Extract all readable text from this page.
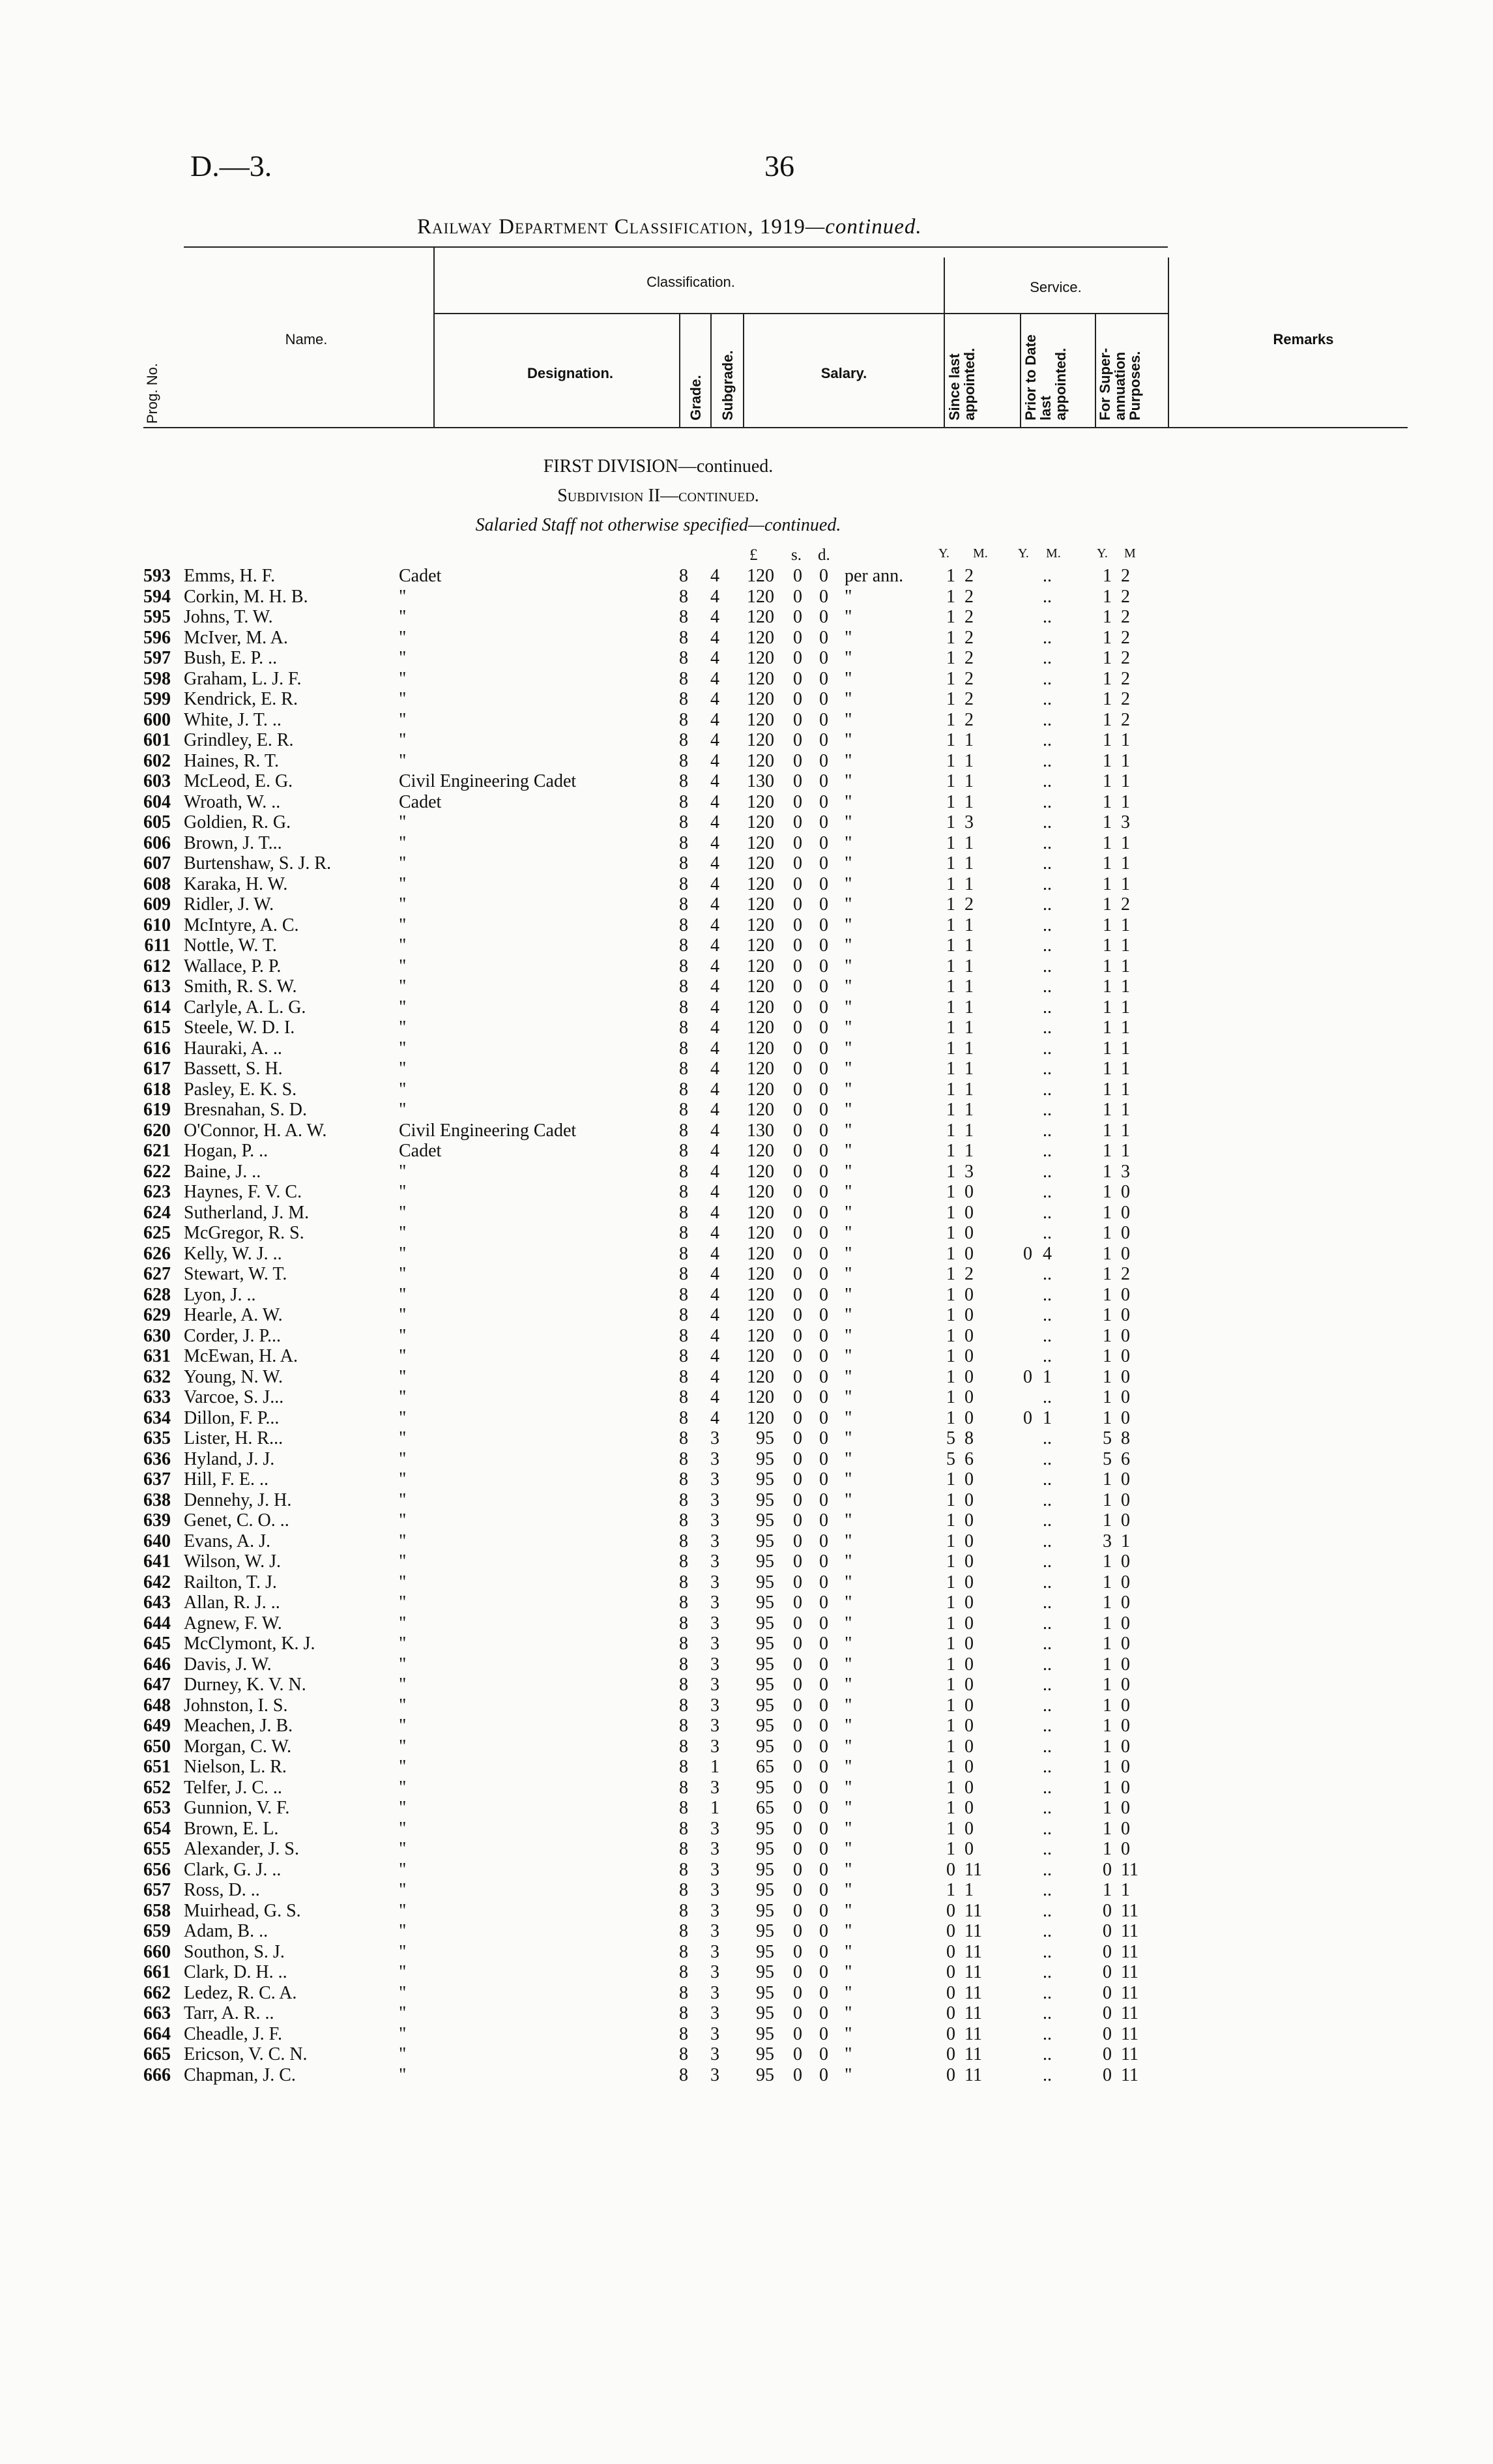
D.—3.	36
Railway Department Classification, 1919—continued.
Prog. No.
Name.
Classification.	Service.
Designation.
Grade. Subgrade.	Salary.	Since last appointed.	Prior to Date last appointed.	For Super-annuation Purposes.
Remarks
FIRST DIVISION—continued.
Subdivision II—continued.
Salaried Staff not otherwise specified—continued.
£ s. d.	Y. M. Y. M.	Y. M
593 Emms, H. F.	Cadet	8 4	120 0 0 per ann.	1 2	..	1 2
594 Corkin, M. H. B.	"	8 4	120 0 0 "	1 2	..	1 2
595 Johns, T. W.	"	8 4	120 0 0 "	1 2	..	1 2
596 McIver, M. A.	"	8 4	120 0 0 "	1 2	..	1 2
597 Bush, E. P. ..	"	8 4	120 0 0 "	1 2	..	1 2
598 Graham, L. J. F.	"	8 4	120 0 0 "	1 2	..	1 2
599 Kendrick, E. R.	"	8 4	120 0 0 "	1 2	..	1 2
600 White, J. T. ..	"	8 4	120 0 0 "	1 2	..	1 2
601 Grindley, E. R.	"	8 4	120 0 0 "	1 1	..	1 1
602 Haines, R. T.	"	8 4	120 0 0 "	1 1	..	1 1
603 McLeod, E. G.	Civil Engineering Cadet	8 4	130 0 0 "	1 1	..	1 1
604 Wroath, W. ..	Cadet	8 4	120 0 0 "	1 1	..	1 1
605 Goldien, R. G.	"	8 4	120 0 0 "	1 3	..	1 3
606 Brown, J. T...	"	8 4	120 0 0 "	1 1	..	1 1
607 Burtenshaw, S. J. R.	"	8 4	120 0 0 "	1 1	..	1 1
608 Karaka, H. W.	"	8 4	120 0 0 "	1 1	..	1 1
609 Ridler, J. W.	"	8 4	120 0 0 "	1 2	..	1 2
610 McIntyre, A. C.	"	8 4	120 0 0 "	1 1	..	1 1
611 Nottle, W. T.	"	8 4	120 0 0 "	1 1	..	1 1
612 Wallace, P. P.	"	8 4	120 0 0 "	1 1	..	1 1
613 Smith, R. S. W.	"	8 4	120 0 0 "	1 1	..	1 1
614 Carlyle, A. L. G.	"	8 4	120 0 0 "	1 1	..	1 1
615 Steele, W. D. I.	"	8 4	120 0 0 "	1 1	..	1 1
616 Hauraki, A. ..	"	8 4	120 0 0 "	1 1	..	1 1
617 Bassett, S. H.	"	8 4	120 0 0 "	1 1	..	1 1
618 Pasley, E. K. S.	"	8 4	120 0 0 "	1 1	..	1 1
619 Bresnahan, S. D.	"	8 4	120 0 0 "	1 1	..	1 1
620 O'Connor, H. A. W.	Civil Engineering Cadet	8 4	130 0 0 "	1 1	..	1 1
621 Hogan, P. ..	Cadet	8 4	120 0 0 "	1 1	..	1 1
622 Baine, J. ..	"	8 4	120 0 0 "	1 3	..	1 3
623 Haynes, F. V. C.	"	8 4	120 0 0 "	1 0	..	1 0
624 Sutherland, J. M.	"	8 4	120 0 0 "	1 0	..	1 0
625 McGregor, R. S.	"	8 4	120 0 0 "	1 0	..	1 0
626 Kelly, W. J. ..	"	8 4	120 0 0 "	1 0	0 4	1 0
627 Stewart, W. T.	"	8 4	120 0 0 "	1 2	..	1 2
628 Lyon, J. ..	"	8 4	120 0 0 "	1 0	..	1 0
629 Hearle, A. W.	"	8 4	120 0 0 "	1 0	..	1 0
630 Corder, J. P...	"	8 4	120 0 0 "	1 0	..	1 0
631 McEwan, H. A.	"	8 4	120 0 0 "	1 0	..	1 0
632 Young, N. W.	"	8 4	120 0 0 "	1 0	0 1	1 0
633 Varcoe, S. J...	"	8 4	120 0 0 "	1 0	..	1 0
634 Dillon, F. P...	"	8 4	120 0 0 "	1 0	0 1	1 0
635 Lister, H. R...	"	8 3	95 0 0 "	5 8	..	5 8
636 Hyland, J. J.	"	8 3	95 0 0 "	5 6	..	5 6
637 Hill, F. E. ..	"	8 3	95 0 0 "	1 0	..	1 0
638 Dennehy, J. H.	"	8 3	95 0 0 "	1 0	..	1 0
639 Genet, C. O. ..	"	8 3	95 0 0 "	1 0	..	1 0
640 Evans, A. J.	"	8 3	95 0 0 "	1 0	..	3 1
641 Wilson, W. J.	"	8 3	95 0 0 "	1 0	..	1 0
642 Railton, T. J.	"	8 3	95 0 0 "	1 0	..	1 0
643 Allan, R. J. ..	"	8 3	95 0 0 "	1 0	..	1 0
644 Agnew, F. W.	"	8 3	95 0 0 "	1 0	..	1 0
645 McClymont, K. J.	"	8 3	95 0 0 "	1 0	..	1 0
646 Davis, J. W.	"	8 3	95 0 0 "	1 0	..	1 0
647 Durney, K. V. N.	"	8 3	95 0 0 "	1 0	..	1 0
648 Johnston, I. S.	"	8 3	95 0 0 "	1 0	..	1 0
649 Meachen, J. B.	"	8 3	95 0 0 "	1 0	..	1 0
650 Morgan, C. W.	"	8 3	95 0 0 "	1 0	..	1 0
651 Nielson, L. R.	"	8 1	65 0 0 "	1 0	..	1 0
652 Telfer, J. C. ..	"	8 3	95 0 0 "	1 0	..	1 0
653 Gunnion, V. F.	"	8 1	65 0 0 "	1 0	..	1 0
654 Brown, E. L.	"	8 3	95 0 0 "	1 0	..	1 0
655 Alexander, J. S.	"	8 3	95 0 0 "	1 0	..	1 0
656 Clark, G. J. ..	"	8 3	95 0 0 "	0 11	..	0 11
657 Ross, D. ..	"	8 3	95 0 0 "	1 1	..	1 1
658 Muirhead, G. S.	"	8 3	95 0 0 "	0 11	..	0 11
659 Adam, B. ..	"	8 3	95 0 0 "	0 11	..	0 11
660 Southon, S. J.	"	8 3	95 0 0 "	0 11	..	0 11
661 Clark, D. H. ..	"	8 3	95 0 0 "	0 11	..	0 11
662 Ledez, R. C. A.	"	8 3	95 0 0 "	0 11	..	0 11
663 Tarr, A. R. ..	"	8 3	95 0 0 "	0 11	..	0 11
664 Cheadle, J. F.	"	8 3	95 0 0 "	0 11	..	0 11
665 Ericson, V. C. N.	"	8 3	95 0 0 "	0 11	..	0 11
666 Chapman, J. C.	"	8 3	95 0 0 "	0 11	..	0 11
